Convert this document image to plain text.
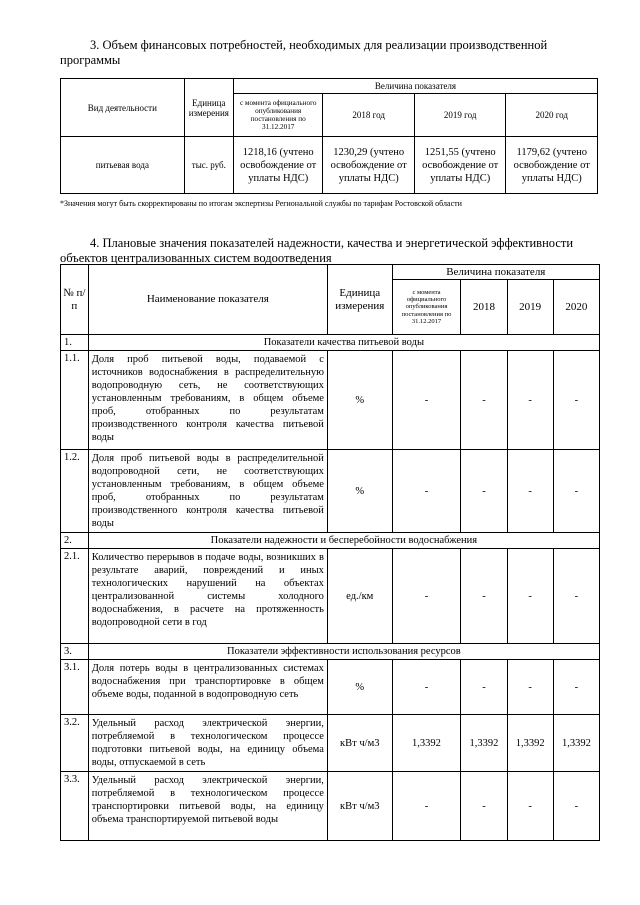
3. Объем финансовых потребностей, необходимых для реализации производственной программы
Вид деятельности	Единица измерения	Величина показателя			
		с момента официального опубликования постановления по 31.12.2017	2018 год	2019 год	2020 год
питьевая вода	тыс. руб.	1218,16 (учтено освобождение от уплаты НДС)	1230,29 (учтено освобождение от уплаты НДС)	1251,55 (учтено освобождение от уплаты НДС)	1179,62 (учтено освобождение от уплаты НДС)
*Значения могут быть скорректированы по итогам экспертизы Региональной службы по тарифам Ростовской области
4. Плановые значения показателей надежности, качества и энергетической эффективности объектов централизованных систем водоотведения
№ п/п	Наименование показателя	Единица измерения	Величина показателя			
			с момента официального опубликования постановления по 31.12.2017	2018	2019	2020
1.	Показатели качества питьевой воды					
1.1.	Доля проб питьевой воды, подаваемой с источников водоснабжения в распределительную водопроводную сеть, не соответствующих установленным требованиям, в общем объеме проб, отобранных по результатам производственного контроля качества питьевой воды	%	-	-	-	-
1.2.	Доля проб питьевой воды в распределительной водопроводной сети, не соответствующих установленным требованиям, в общем объеме проб, отобранных по результатам производственного контроля качества питьевой воды	%	-	-	-	-
2.	Показатели надежности и бесперебойности водоснабжения					
2.1.	Количество перерывов в подаче воды, возникших в результате аварий, повреждений и иных технологических нарушений на объектах централизованной системы холодного водоснабжения, в расчете на протяженность водопроводной сети в год	ед./км	-	-	-	-
3.	Показатели эффективности использования ресурсов					
3.1.	Доля потерь воды в централизованных системах водоснабжения при транспортировке в общем объеме воды, поданной в водопроводную сеть	%	-	-	-	-
3.2.	Удельный расход электрической энергии, потребляемой в технологическом процессе подготовки питьевой воды, на единицу объема воды, отпускаемой в сеть	кВт ч/м3	1,3392	1,3392	1,3392	1,3392
3.3.	Удельный расход электрической энергии, потребляемой в технологическом процессе транспортировки питьевой воды, на единицу объема транспортируемой питьевой воды	кВт ч/м3	-	-	-	-
